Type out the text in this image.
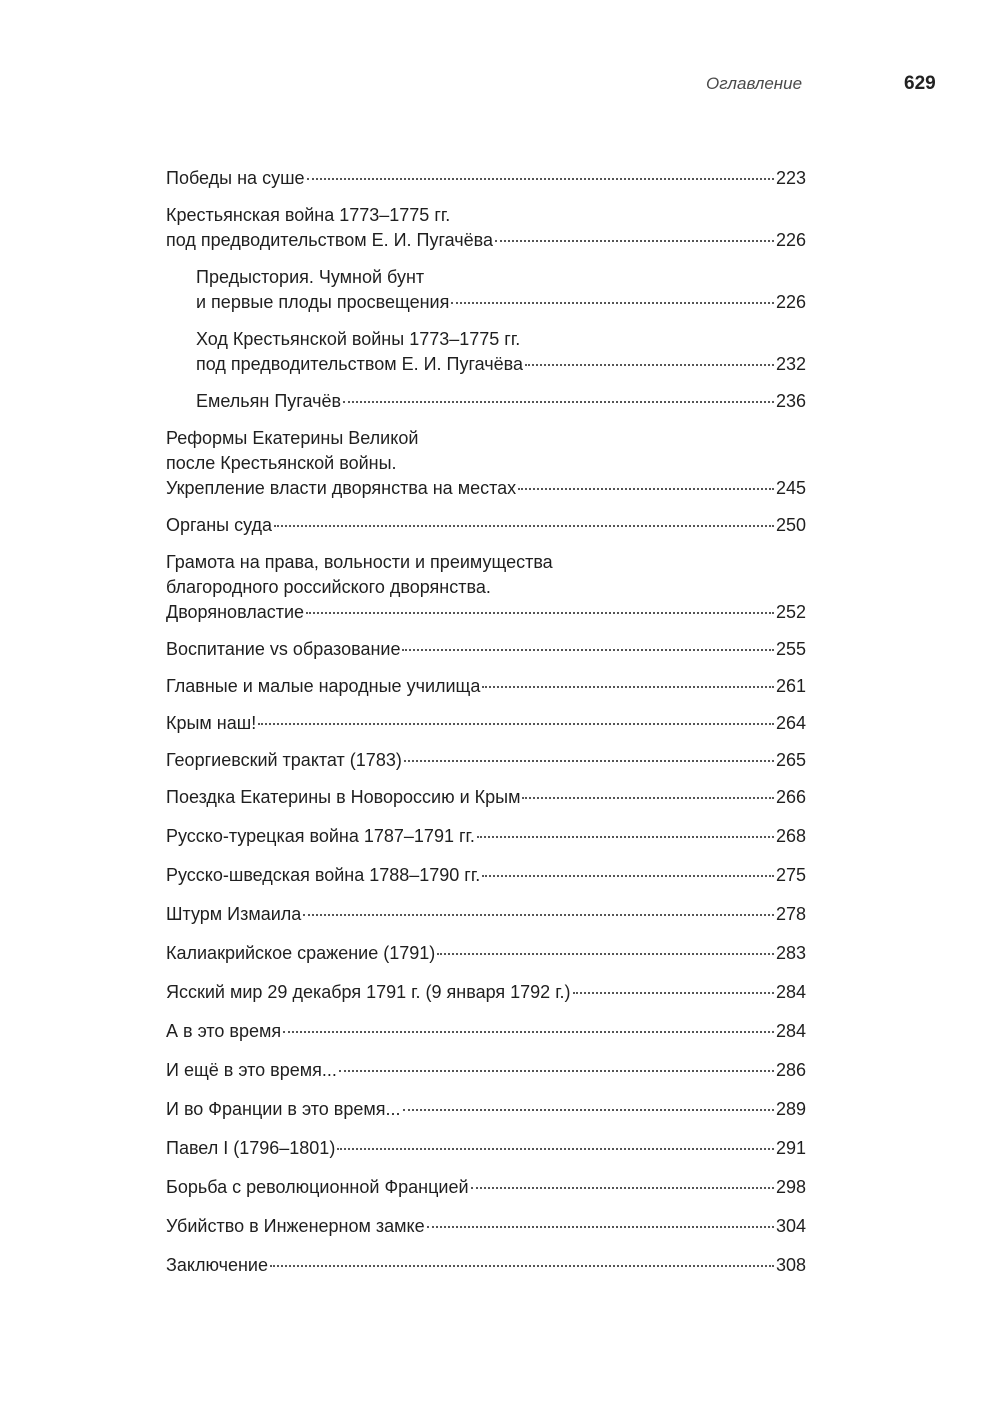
Оглавление	629
Победы на суше	223
Крестьянская война 1773–1775 гг.
под предводительством Е. И. Пугачёва	226
Предыстория. Чумной бунт
и первые плоды просвещения	226
Ход Крестьянской войны 1773–1775 гг.
под предводительством Е. И. Пугачёва	232
Емельян Пугачёв	236
Реформы Екатерины Великой
после Крестьянской войны.
Укрепление власти дворянства на местах	245
Органы суда	250
Грамота на права, вольности и преимущества
благородного российского дворянства.
Дворяновластие	252
Воспитание vs образование	255
Главные и малые народные училища	261
Крым наш!	264
Георгиевский трактат (1783)	265
Поездка Екатерины в Новороссию и Крым	266
Русско-турецкая война 1787–1791 гг.	268
Русско-шведская война 1788–1790 гг.	275
Штурм Измаила	278
Калиакрийское сражение (1791)	283
Ясский мир 29 декабря 1791 г. (9 января 1792 г.)	284
А в это время	284
И ещё в это время...	286
И во Франции в это время...	289
Павел I (1796–1801)	291
Борьба с революционной Францией	298
Убийство в Инженерном замке	304
Заключение	308
